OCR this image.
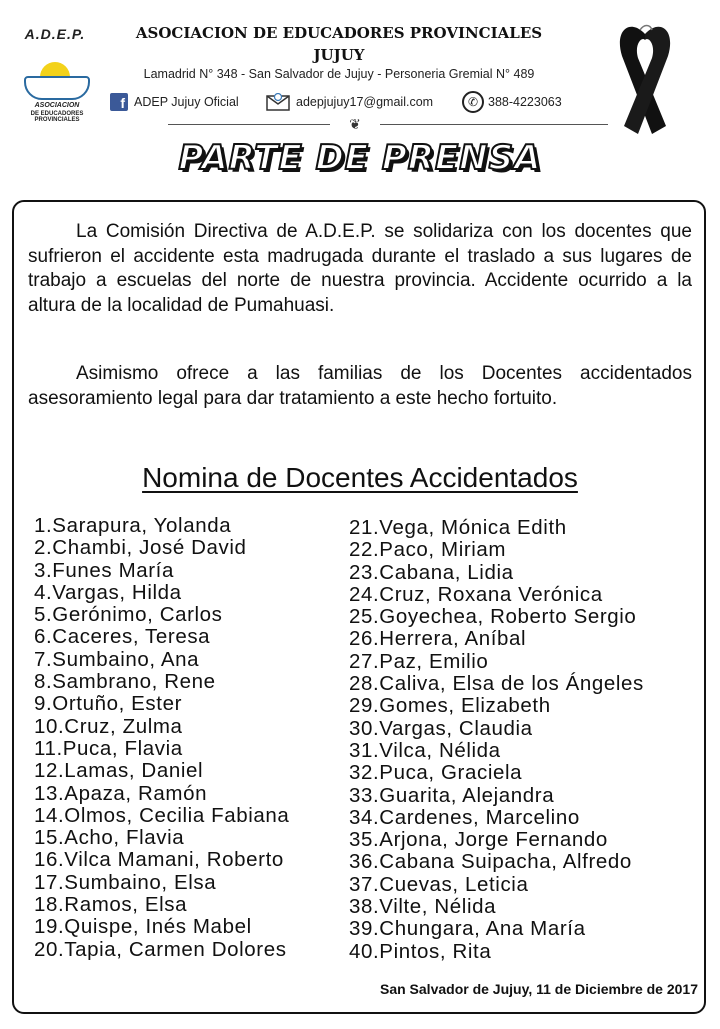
A.D.E.P.
ASOCIACION
DE EDUCADORES PROVINCIALES
ASOCIACION DE EDUCADORES PROVINCIALES
JUJUY
Lamadrid N° 348 - San Salvador de Jujuy - Personeria Gremial N° 489
f ADEP Jujuy Oficial	adepjujuy17@gmail.com	✆ 388-4223063
❦
PARTE DE PRENSA

La Comisión Directiva de A.D.E.P. se solidariza con los docentes que sufrieron el accidente esta madrugada durante el traslado a sus lugares de trabajo a escuelas del norte de nuestra provincia. Accidente ocurrido a la altura de la localidad de Pumahuasi.

Asimismo ofrece a las familias de los Docentes accidentados asesoramiento legal para dar tratamiento a este hecho fortuito.

Nomina de Docentes Accidentados
1.Sarapura, Yolanda
2.Chambi, José David
3.Funes María
4.Vargas, Hilda
5.Gerónimo, Carlos
6.Caceres, Teresa
7.Sumbaino, Ana
8.Sambrano, Rene
9.Ortuño, Ester
10.Cruz, Zulma
11.Puca, Flavia
12.Lamas, Daniel
13.Apaza, Ramón
14.Olmos, Cecilia Fabiana
15.Acho, Flavia
16.Vilca Mamani, Roberto
17.Sumbaino, Elsa
18.Ramos, Elsa
19.Quispe, Inés Mabel
20.Tapia, Carmen Dolores
21.Vega, Mónica Edith
22.Paco, Miriam
23.Cabana, Lidia
24.Cruz, Roxana Verónica
25.Goyechea, Roberto Sergio
26.Herrera, Aníbal
27.Paz, Emilio
28.Caliva, Elsa de los Ángeles
29.Gomes, Elizabeth
30.Vargas, Claudia
31.Vilca, Nélida
32.Puca, Graciela
33.Guarita, Alejandra
34.Cardenes, Marcelino
35.Arjona, Jorge Fernando
36.Cabana Suipacha, Alfredo
37.Cuevas, Leticia
38.Vilte, Nélida
39.Chungara, Ana María
40.Pintos, Rita
San Salvador de Jujuy, 11 de Diciembre de 2017
